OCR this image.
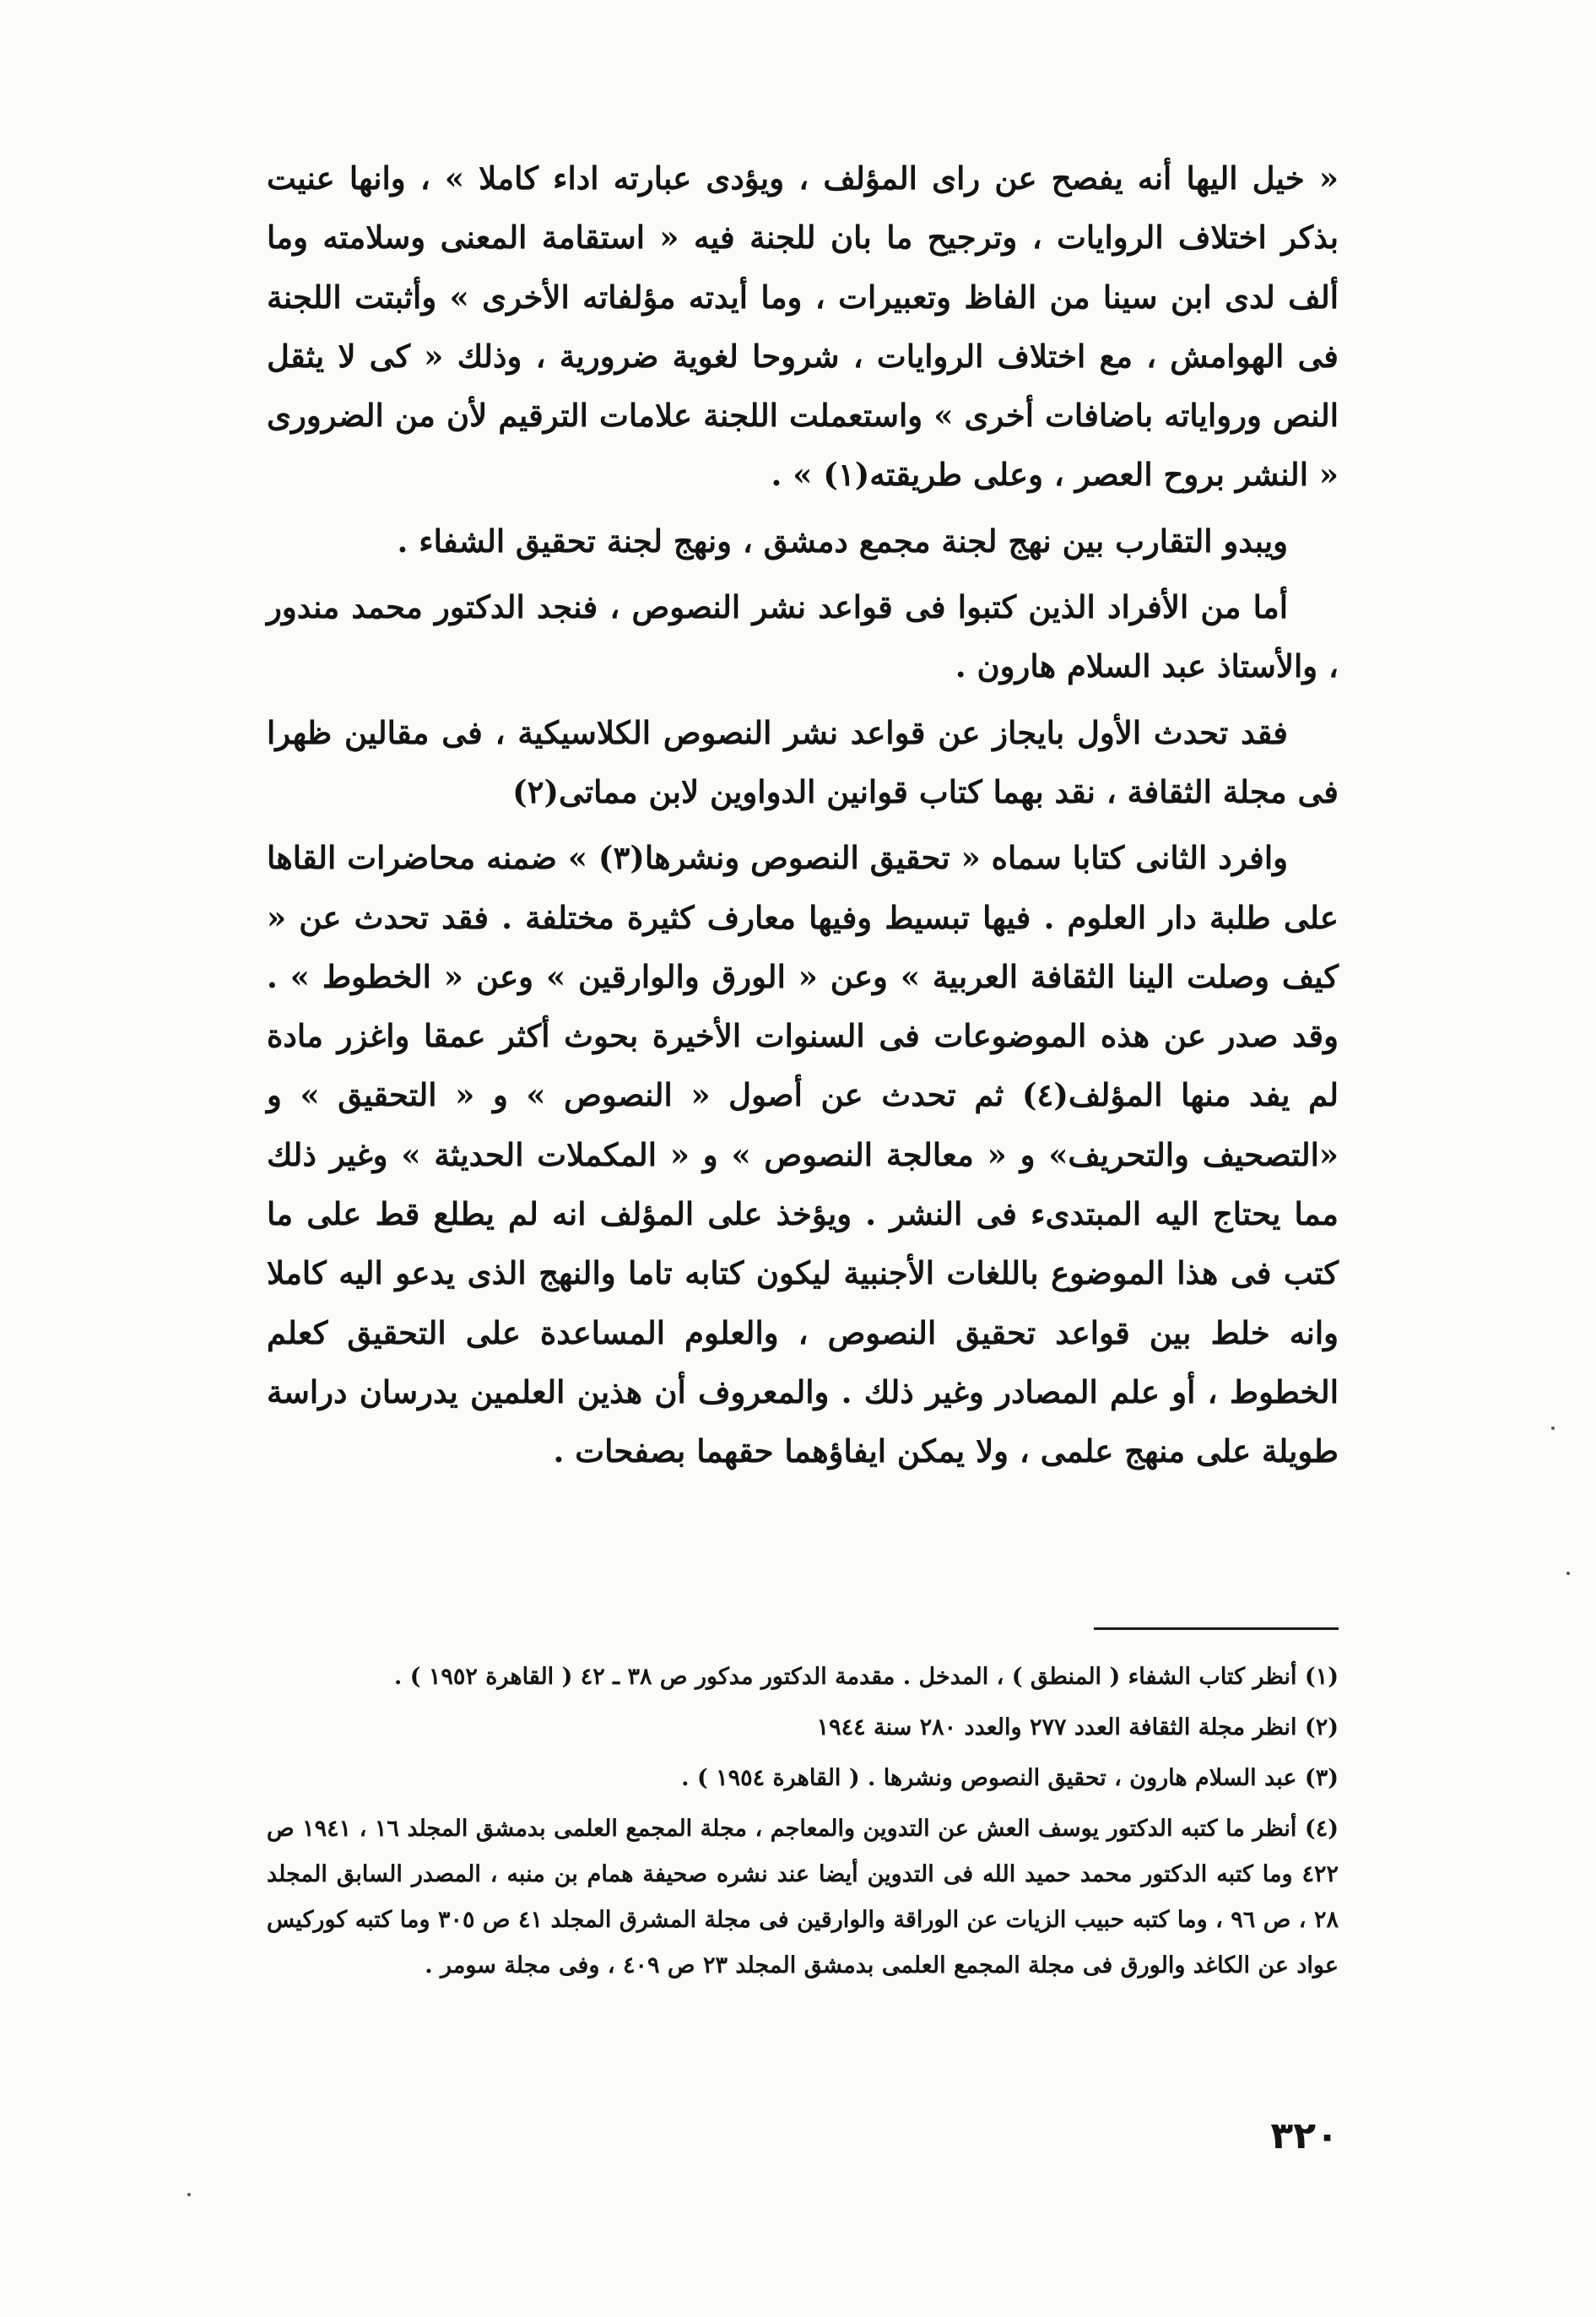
« خيل اليها أنه يفصح عن راى المؤلف ، ويؤدى عبارته اداء كاملا » ، وانها عنيت بذكر اختلاف الروايات ، وترجيح ما بان للجنة فيه « استقامة المعنى وسلامته وما ألف لدى ابن سينا من الفاظ وتعبيرات ، وما أيدته مؤلفاته الأخرى » وأثبتت اللجنة فى الهوامش ، مع اختلاف الروايات ، شروحا لغوية ضرورية ، وذلك « كى لا يثقل النص ورواياته باضافات أخرى » واستعملت اللجنة علامات الترقيم لأن من الضرورى « النشر بروح العصر ، وعلى طريقته(١) » .

ويبدو التقارب بين نهج لجنة مجمع دمشق ، ونهج لجنة تحقيق الشفاء .

أما من الأفراد الذين كتبوا فى قواعد نشر النصوص ، فنجد الدكتور محمد مندور ، والأستاذ عبد السلام هارون .

فقد تحدث الأول بايجاز عن قواعد نشر النصوص الكلاسيكية ، فى مقالين ظهرا فى مجلة الثقافة ، نقد بهما كتاب قوانين الدواوين لابن مماتى(٢)

وافرد الثانى كتابا سماه « تحقيق النصوص ونشرها(٣) » ضمنه محاضرات القاها على طلبة دار العلوم . فيها تبسيط وفيها معارف كثيرة مختلفة . فقد تحدث عن « كيف وصلت الينا الثقافة العربية » وعن « الورق والوارقين » وعن « الخطوط » . وقد صدر عن هذه الموضوعات فى السنوات الأخيرة بحوث أكثر عمقا واغزر مادة لم يفد منها المؤلف(٤) ثم تحدث عن أصول « النصوص » و « التحقيق » و «التصحيف والتحريف» و « معالجة النصوص » و « المكملات الحديثة » وغير ذلك مما يحتاج اليه المبتدىء فى النشر . ويؤخذ على المؤلف انه لم يطلع قط على ما كتب فى هذا الموضوع باللغات الأجنبية ليكون كتابه تاما والنهج الذى يدعو اليه كاملا وانه خلط بين قواعد تحقيق النصوص ، والعلوم المساعدة على التحقيق كعلم الخطوط ، أو علم المصادر وغير ذلك . والمعروف أن هذين العلمين يدرسان دراسة طويلة على منهج علمى ، ولا يمكن ايفاؤهما حقهما بصفحات .

(١) أنظر كتاب الشفاء ( المنطق ) ، المدخل . مقدمة الدكتور مدكور ص ٣٨ ـ ٤٢ ( القاهرة ١٩٥٢ ) .

(٢) انظر مجلة الثقافة العدد ٢٧٧ والعدد ٢٨٠ سنة ١٩٤٤

(٣) عبد السلام هارون ، تحقيق النصوص ونشرها . ( القاهرة ١٩٥٤ ) .

(٤) أنظر ما كتبه الدكتور يوسف العش عن التدوين والمعاجم ، مجلة المجمع العلمى بدمشق المجلد ١٦ ، ١٩٤١ ص ٤٢٢ وما كتبه الدكتور محمد حميد الله فى التدوين أيضا عند نشره صحيفة همام بن منبه ، المصدر السابق المجلد ٢٨ ، ص ٩٦ ، وما كتبه حبيب الزيات عن الوراقة والوارقين فى مجلة المشرق المجلد ٤١ ص ٣٠٥ وما كتبه كوركيس عواد عن الكاغد والورق فى مجلة المجمع العلمى بدمشق المجلد ٢٣ ص ٤٠٩ ، وفى مجلة سومر .

٣٢٠
